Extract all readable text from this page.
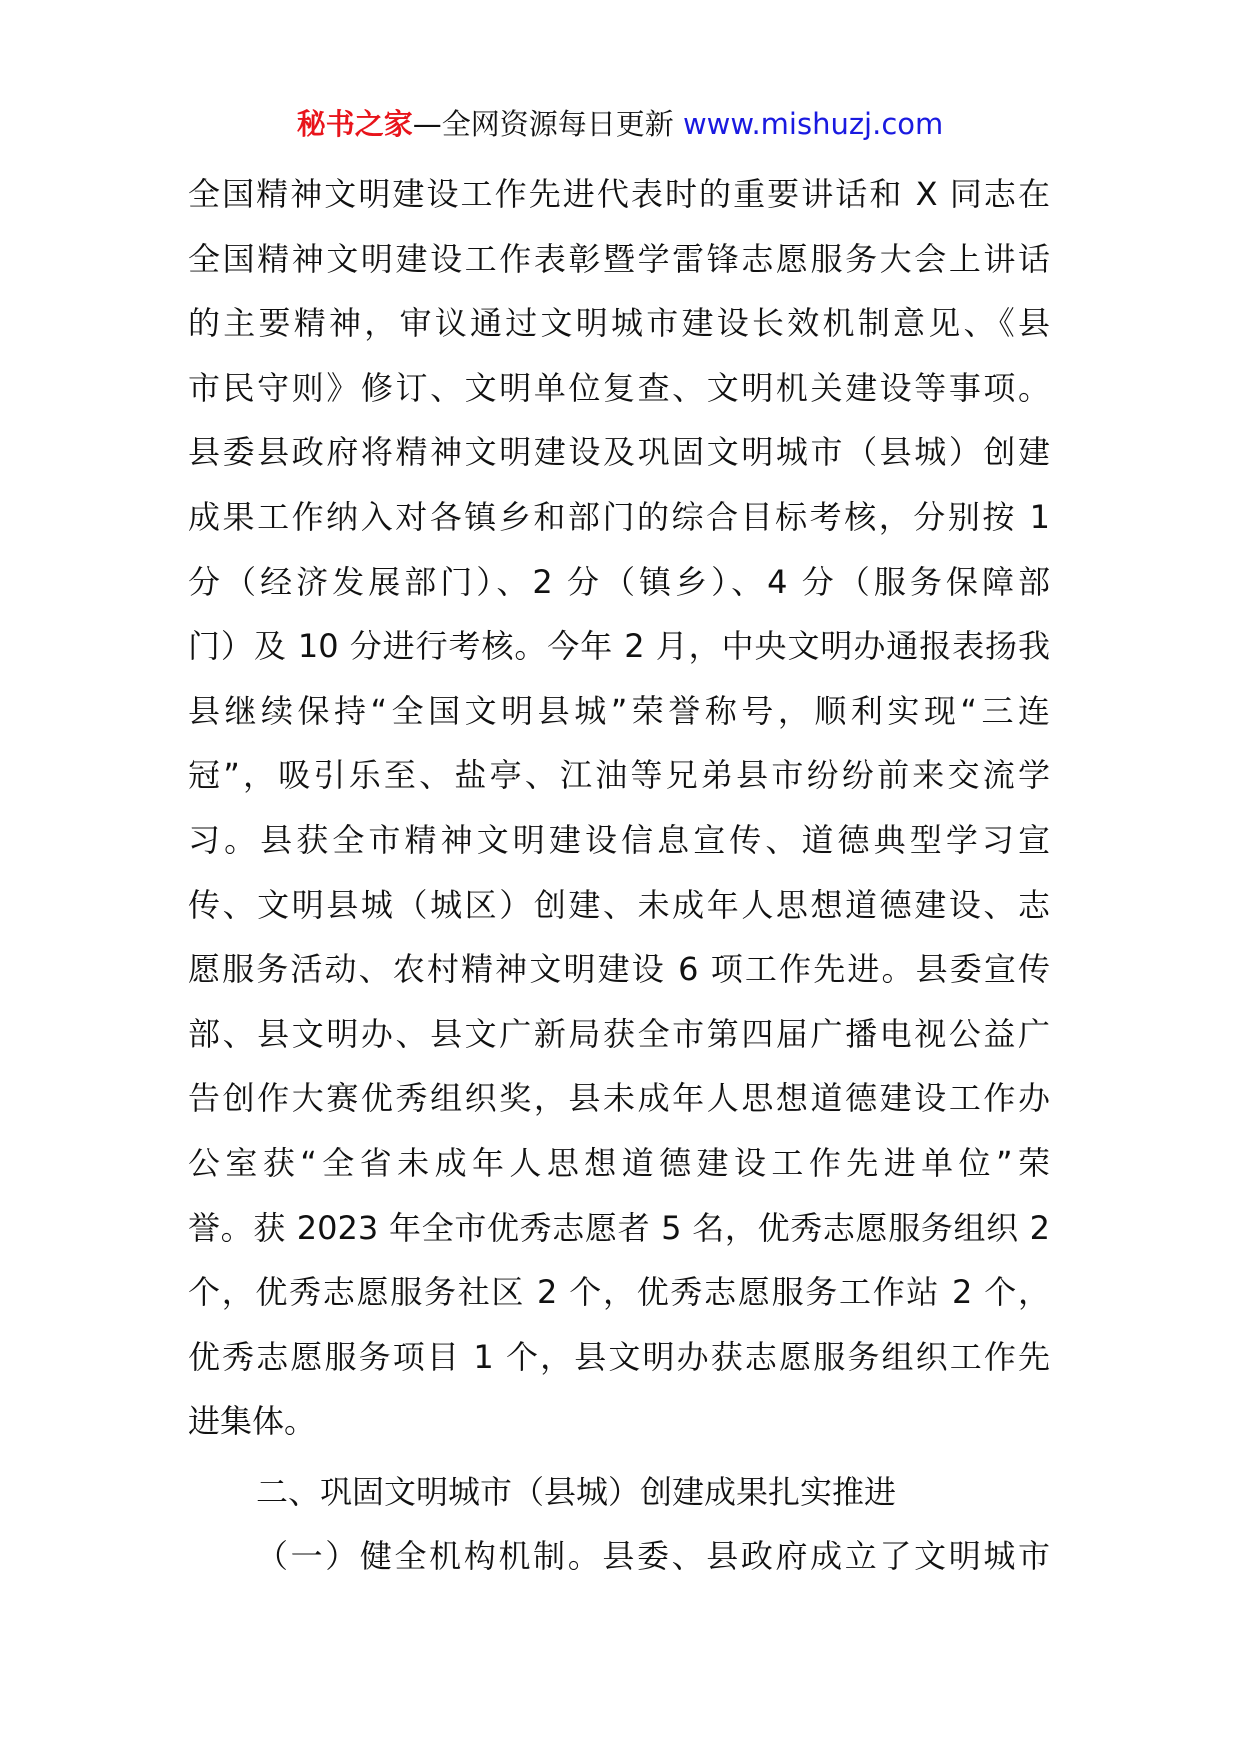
秘书之家—全网资源每日更新 www.mishuzj.com
全国精神文明建设工作先进代表时的重要讲话和 X 同志在
全国精神文明建设工作表彰暨学雷锋志愿服务大会上讲话
的主要精神，审议通过文明城市建设长效机制意见、《县
市民守则》修订、文明单位复查、文明机关建设等事项。
县委县政府将精神文明建设及巩固文明城市（县城）创建
成果工作纳入对各镇乡和部门的综合目标考核，分别按 1
分（经济发展部门）、2 分（镇乡）、4 分（服务保障部
门）及 10 分进行考核。今年 2 月，中央文明办通报表扬我
县继续保持“全国文明县城”荣誉称号，顺利实现“三连
冠”，吸引乐至、盐亭、江油等兄弟县市纷纷前来交流学
习。县获全市精神文明建设信息宣传、道德典型学习宣
传、文明县城（城区）创建、未成年人思想道德建设、志
愿服务活动、农村精神文明建设 6 项工作先进。县委宣传
部、县文明办、县文广新局获全市第四届广播电视公益广
告创作大赛优秀组织奖，县未成年人思想道德建设工作办
公室获“全省未成年人思想道德建设工作先进单位”荣
誉。获 2023 年全市优秀志愿者 5 名，优秀志愿服务组织 2
个，优秀志愿服务社区 2 个，优秀志愿服务工作站 2 个，
优秀志愿服务项目 1 个，县文明办获志愿服务组织工作先
进集体。
二、巩固文明城市（县城）创建成果扎实推进
（一）健全机构机制。县委、县政府成立了文明城市
